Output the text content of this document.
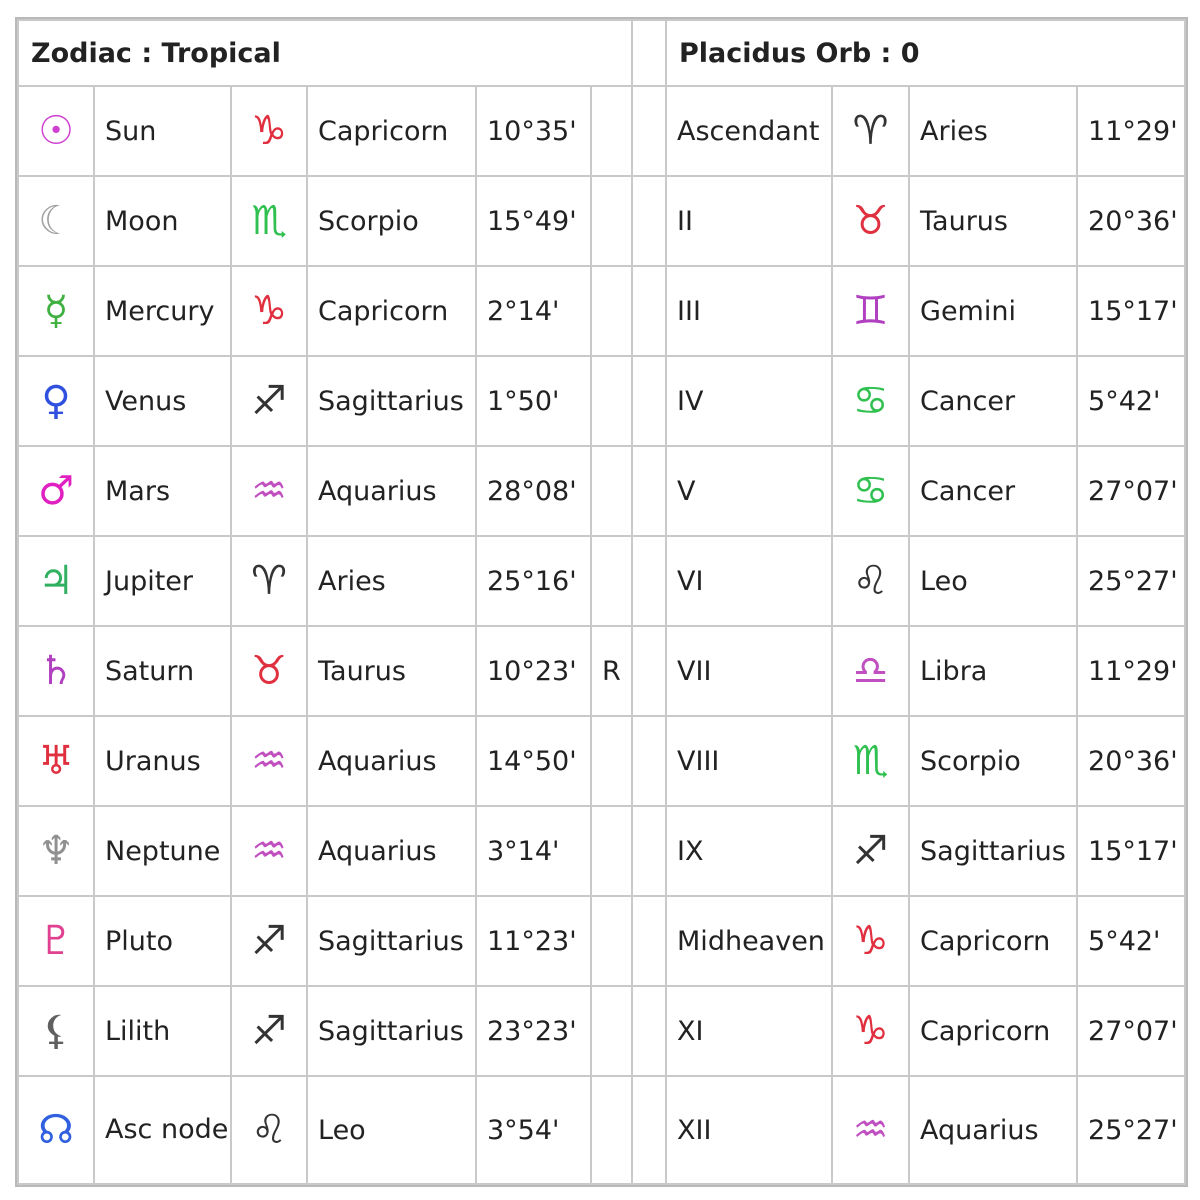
Zodiac : Tropical							Placidus Orb : 0			
☉	Sun	♑	Capricorn	10°35'			Ascendant	♈	Aries	11°29'
☾	Moon	♏	Scorpio	15°49'			II	♉	Taurus	20°36'
☿	Mercury	♑	Capricorn	2°14'			III	♊	Gemini	15°17'
♀	Venus	♐	Sagittarius	1°50'			IV	♋	Cancer	5°42'
♂	Mars	♒	Aquarius	28°08'			V	♋	Cancer	27°07'
♃	Jupiter	♈	Aries	25°16'			VI	♌	Leo	25°27'
♄	Saturn	♉	Taurus	10°23'	R		VII	♎	Libra	11°29'
♅	Uranus	♒	Aquarius	14°50'			VIII	♏	Scorpio	20°36'
♆	Neptune	♒	Aquarius	3°14'			IX	♐	Sagittarius	15°17'
♇	Pluto	♐	Sagittarius	11°23'			Midheaven	♑	Capricorn	5°42'
⚸	Lilith	♐	Sagittarius	23°23'			XI	♑	Capricorn	27°07'
☊	Asc node	♌	Leo	3°54'			XII	♒	Aquarius	25°27'
